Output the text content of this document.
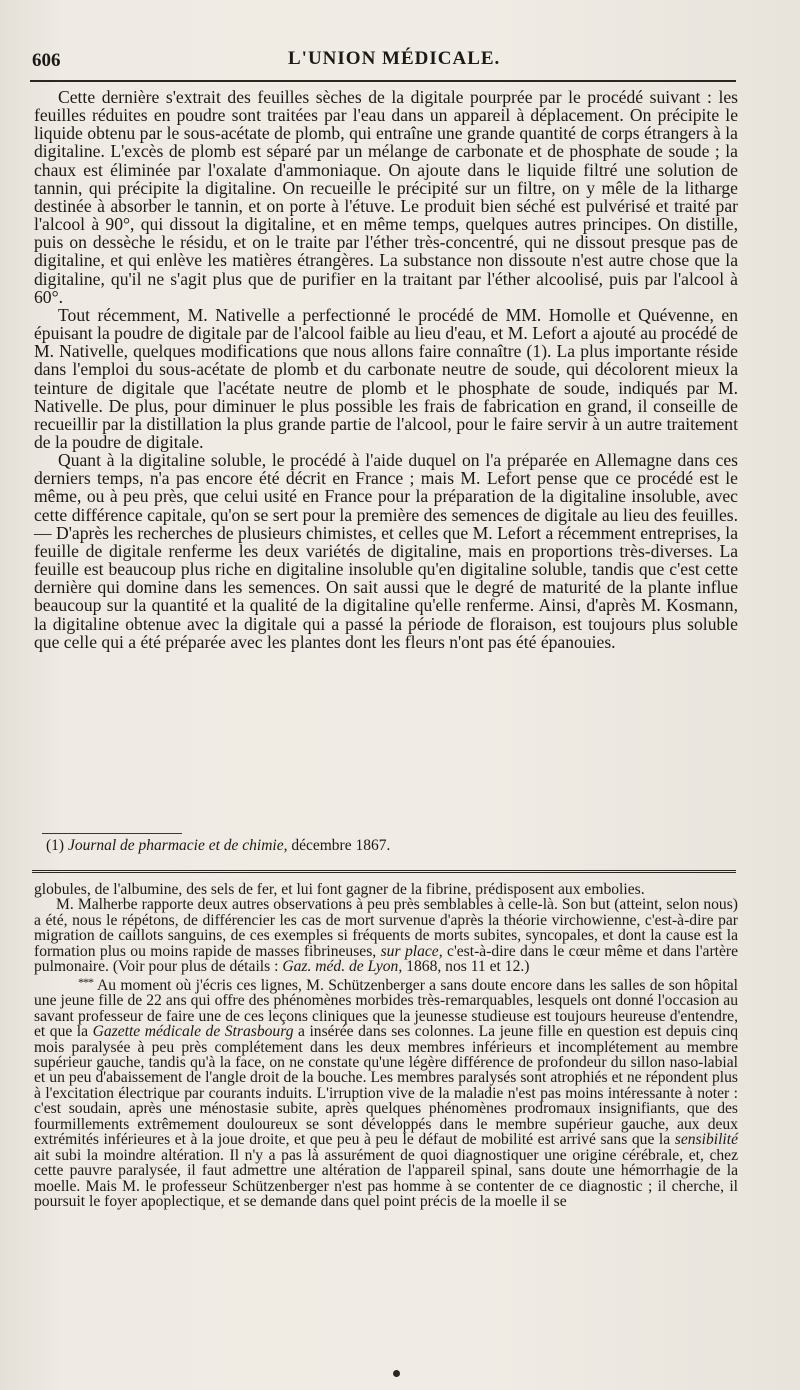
606	L'UNION MÉDICALE.

Cette dernière s'extrait des feuilles sèches de la digitale pourprée par le procédé suivant : les feuilles réduites en poudre sont traitées par l'eau dans un appareil à déplacement. On précipite le liquide obtenu par le sous-acétate de plomb, qui entraîne une grande quantité de corps étrangers à la digitaline. L'excès de plomb est séparé par un mélange de carbonate et de phosphate de soude ; la chaux est éliminée par l'oxalate d'ammoniaque. On ajoute dans le liquide filtré une solution de tannin, qui précipite la digitaline. On recueille le précipité sur un filtre, on y mêle de la litharge destinée à absorber le tannin, et on porte à l'étuve. Le produit bien séché est pulvérisé et traité par l'alcool à 90°, qui dissout la digitaline, et en même temps, quelques autres principes. On distille, puis on dessèche le résidu, et on le traite par l'éther très-concentré, qui ne dissout presque pas de digitaline, et qui enlève les matières étrangères. La substance non dissoute n'est autre chose que la digitaline, qu'il ne s'agit plus que de purifier en la traitant par l'éther alcoolisé, puis par l'alcool à 60°.

Tout récemment, M. Nativelle a perfectionné le procédé de MM. Homolle et Quévenne, en épuisant la poudre de digitale par de l'alcool faible au lieu d'eau, et M. Lefort a ajouté au procédé de M. Nativelle, quelques modifications que nous allons faire connaître (1). La plus importante réside dans l'emploi du sous-acétate de plomb et du carbonate neutre de soude, qui décolorent mieux la teinture de digitale que l'acétate neutre de plomb et le phosphate de soude, indiqués par M. Nativelle. De plus, pour diminuer le plus possible les frais de fabrication en grand, il conseille de recueillir par la distillation la plus grande partie de l'alcool, pour le faire servir à un autre traitement de la poudre de digitale.

Quant à la digitaline soluble, le procédé à l'aide duquel on l'a préparée en Allemagne dans ces derniers temps, n'a pas encore été décrit en France ; mais M. Lefort pense que ce procédé est le même, ou à peu près, que celui usité en France pour la préparation de la digitaline insoluble, avec cette différence capitale, qu'on se sert pour la première des semences de digitale au lieu des feuilles. — D'après les recherches de plusieurs chimistes, et celles que M. Lefort a récemment entreprises, la feuille de digitale renferme les deux variétés de digitaline, mais en proportions très-diverses. La feuille est beaucoup plus riche en digitaline insoluble qu'en digitaline soluble, tandis que c'est cette dernière qui domine dans les semences. On sait aussi que le degré de maturité de la plante influe beaucoup sur la quantité et la qualité de la digitaline qu'elle renferme. Ainsi, d'après M. Kosmann, la digitaline obtenue avec la digitale qui a passé la période de floraison, est toujours plus soluble que celle qui a été préparée avec les plantes dont les fleurs n'ont pas été épanouies.

(1) Journal de pharmacie et de chimie, décembre 1867.

globules, de l'albumine, des sels de fer, et lui font gagner de la fibrine, prédisposent aux embolies.

M. Malherbe rapporte deux autres observations à peu près semblables à celle-là. Son but (atteint, selon nous) a été, nous le répétons, de différencier les cas de mort survenue d'après la théorie virchowienne, c'est-à-dire par migration de caillots sanguins, de ces exemples si fréquents de morts subites, syncopales, et dont la cause est la formation plus ou moins rapide de masses fibrineuses, sur place, c'est-à-dire dans le cœur même et dans l'artère pulmonaire. (Voir pour plus de détails : Gaz. méd. de Lyon, 1868, nos 11 et 12.)

*** Au moment où j'écris ces lignes, M. Schützenberger a sans doute encore dans les salles de son hôpital une jeune fille de 22 ans qui offre des phénomènes morbides très-remarquables, lesquels ont donné l'occasion au savant professeur de faire une de ces leçons cliniques que la jeunesse studieuse est toujours heureuse d'entendre, et que la Gazette médicale de Strasbourg a insérée dans ses colonnes. La jeune fille en question est depuis cinq mois paralysée à peu près complétement dans les deux membres inférieurs et incomplétement au membre supérieur gauche, tandis qu'à la face, on ne constate qu'une légère différence de profondeur du sillon naso-labial et un peu d'abaissement de l'angle droit de la bouche. Les membres paralysés sont atrophiés et ne répondent plus à l'excitation électrique par courants induits. L'irruption vive de la maladie n'est pas moins intéressante à noter : c'est soudain, après une ménostasie subite, après quelques phénomènes prodromaux insignifiants, que des fourmillements extrêmement douloureux se sont développés dans le membre supérieur gauche, aux deux extrémités inférieures et à la joue droite, et que peu à peu le défaut de mobilité est arrivé sans que la sensibilité ait subi la moindre altération. Il n'y a pas là assurément de quoi diagnostiquer une origine cérébrale, et, chez cette pauvre paralysée, il faut admettre une altération de l'appareil spinal, sans doute une hémorrhagie de la moelle. Mais M. le professeur Schützenberger n'est pas homme à se contenter de ce diagnostic ; il cherche, il poursuit le foyer apoplectique, et se demande dans quel point précis de la moelle il se
